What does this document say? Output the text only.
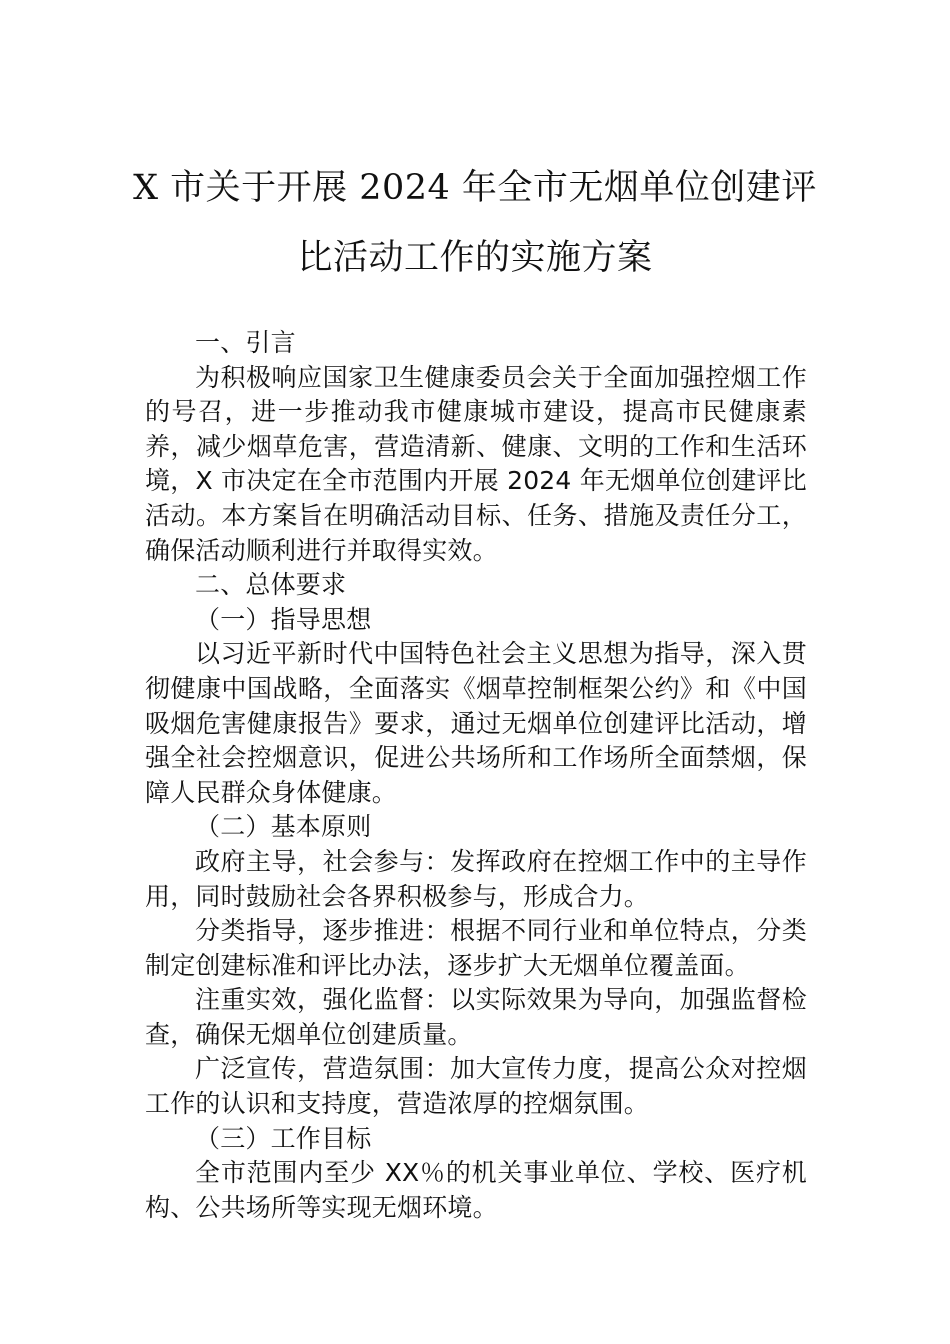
X 市关于开展 2024 年全市无烟单位创建评
比活动工作的实施方案

一、引言

为积极响应国家卫生健康委员会关于全面加强控烟工作的号召，进一步推动我市健康城市建设，提高市民健康素养，减少烟草危害，营造清新、健康、文明的工作和生活环境，X 市决定在全市范围内开展 2024 年无烟单位创建评比活动。本方案旨在明确活动目标、任务、措施及责任分工，确保活动顺利进行并取得实效。

二、总体要求

（一）指导思想

以习近平新时代中国特色社会主义思想为指导，深入贯彻健康中国战略，全面落实《烟草控制框架公约》和《中国吸烟危害健康报告》要求，通过无烟单位创建评比活动，增强全社会控烟意识，促进公共场所和工作场所全面禁烟，保障人民群众身体健康。

（二）基本原则

政府主导，社会参与：发挥政府在控烟工作中的主导作用，同时鼓励社会各界积极参与，形成合力。

分类指导，逐步推进：根据不同行业和单位特点，分类制定创建标准和评比办法，逐步扩大无烟单位覆盖面。

注重实效，强化监督：以实际效果为导向，加强监督检查，确保无烟单位创建质量。

广泛宣传，营造氛围：加大宣传力度，提高公众对控烟工作的认识和支持度，营造浓厚的控烟氛围。

（三）工作目标

全市范围内至少 XX％的机关事业单位、学校、医疗机构、公共场所等实现无烟环境。
